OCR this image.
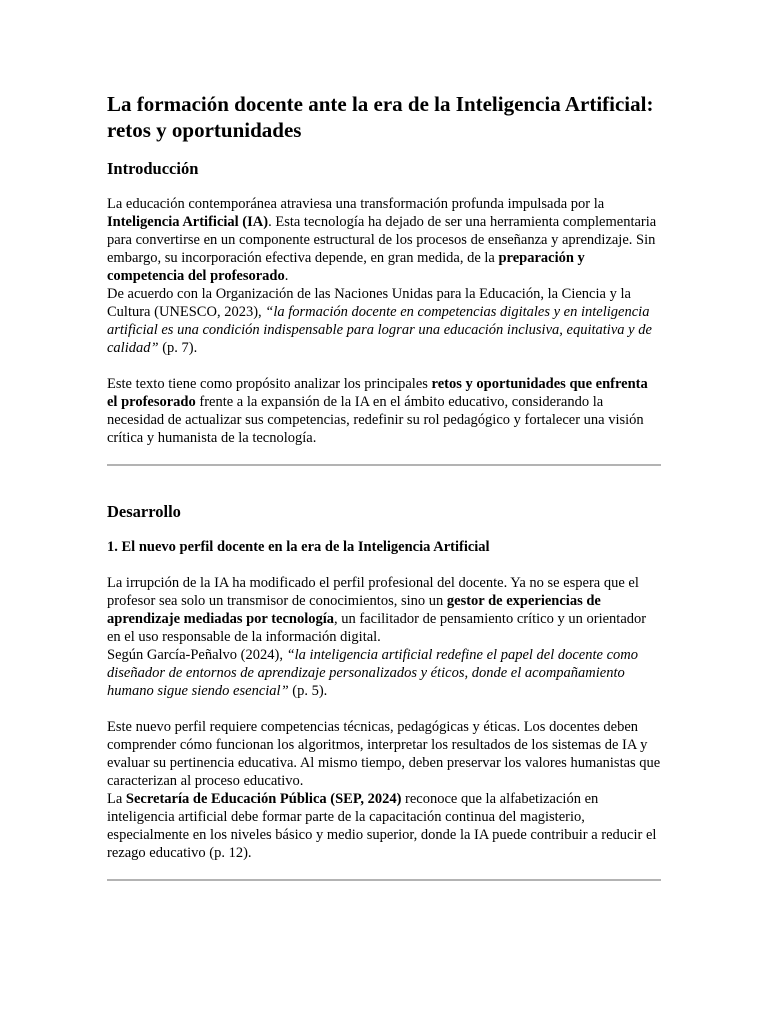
La formación docente ante la era de la Inteligencia Artificial: retos y oportunidades
Introducción

La educación contemporánea atraviesa una transformación profunda impulsada por la Inteligencia Artificial (IA). Esta tecnología ha dejado de ser una herramienta complementaria para convertirse en un componente estructural de los procesos de enseñanza y aprendizaje. Sin embargo, su incorporación efectiva depende, en gran medida, de la preparación y competencia del profesorado.

De acuerdo con la Organización de las Naciones Unidas para la Educación, la Ciencia y la Cultura (UNESCO, 2023), “la formación docente en competencias digitales y en inteligencia artificial es una condición indispensable para lograr una educación inclusiva, equitativa y de calidad” (p. 7).

Este texto tiene como propósito analizar los principales retos y oportunidades que enfrenta el profesorado frente a la expansión de la IA en el ámbito educativo, considerando la necesidad de actualizar sus competencias, redefinir su rol pedagógico y fortalecer una visión crítica y humanista de la tecnología.

Desarrollo
1. El nuevo perfil docente en la era de la Inteligencia Artificial

La irrupción de la IA ha modificado el perfil profesional del docente. Ya no se espera que el profesor sea solo un transmisor de conocimientos, sino un gestor de experiencias de aprendizaje mediadas por tecnología, un facilitador de pensamiento crítico y un orientador en el uso responsable de la información digital.

Según García-Peñalvo (2024), “la inteligencia artificial redefine el papel del docente como diseñador de entornos de aprendizaje personalizados y éticos, donde el acompañamiento humano sigue siendo esencial” (p. 5).

Este nuevo perfil requiere competencias técnicas, pedagógicas y éticas. Los docentes deben comprender cómo funcionan los algoritmos, interpretar los resultados de los sistemas de IA y evaluar su pertinencia educativa. Al mismo tiempo, deben preservar los valores humanistas que caracterizan al proceso educativo.

La Secretaría de Educación Pública (SEP, 2024) reconoce que la alfabetización en inteligencia artificial debe formar parte de la capacitación continua del magisterio, especialmente en los niveles básico y medio superior, donde la IA puede contribuir a reducir el rezago educativo (p. 12).
